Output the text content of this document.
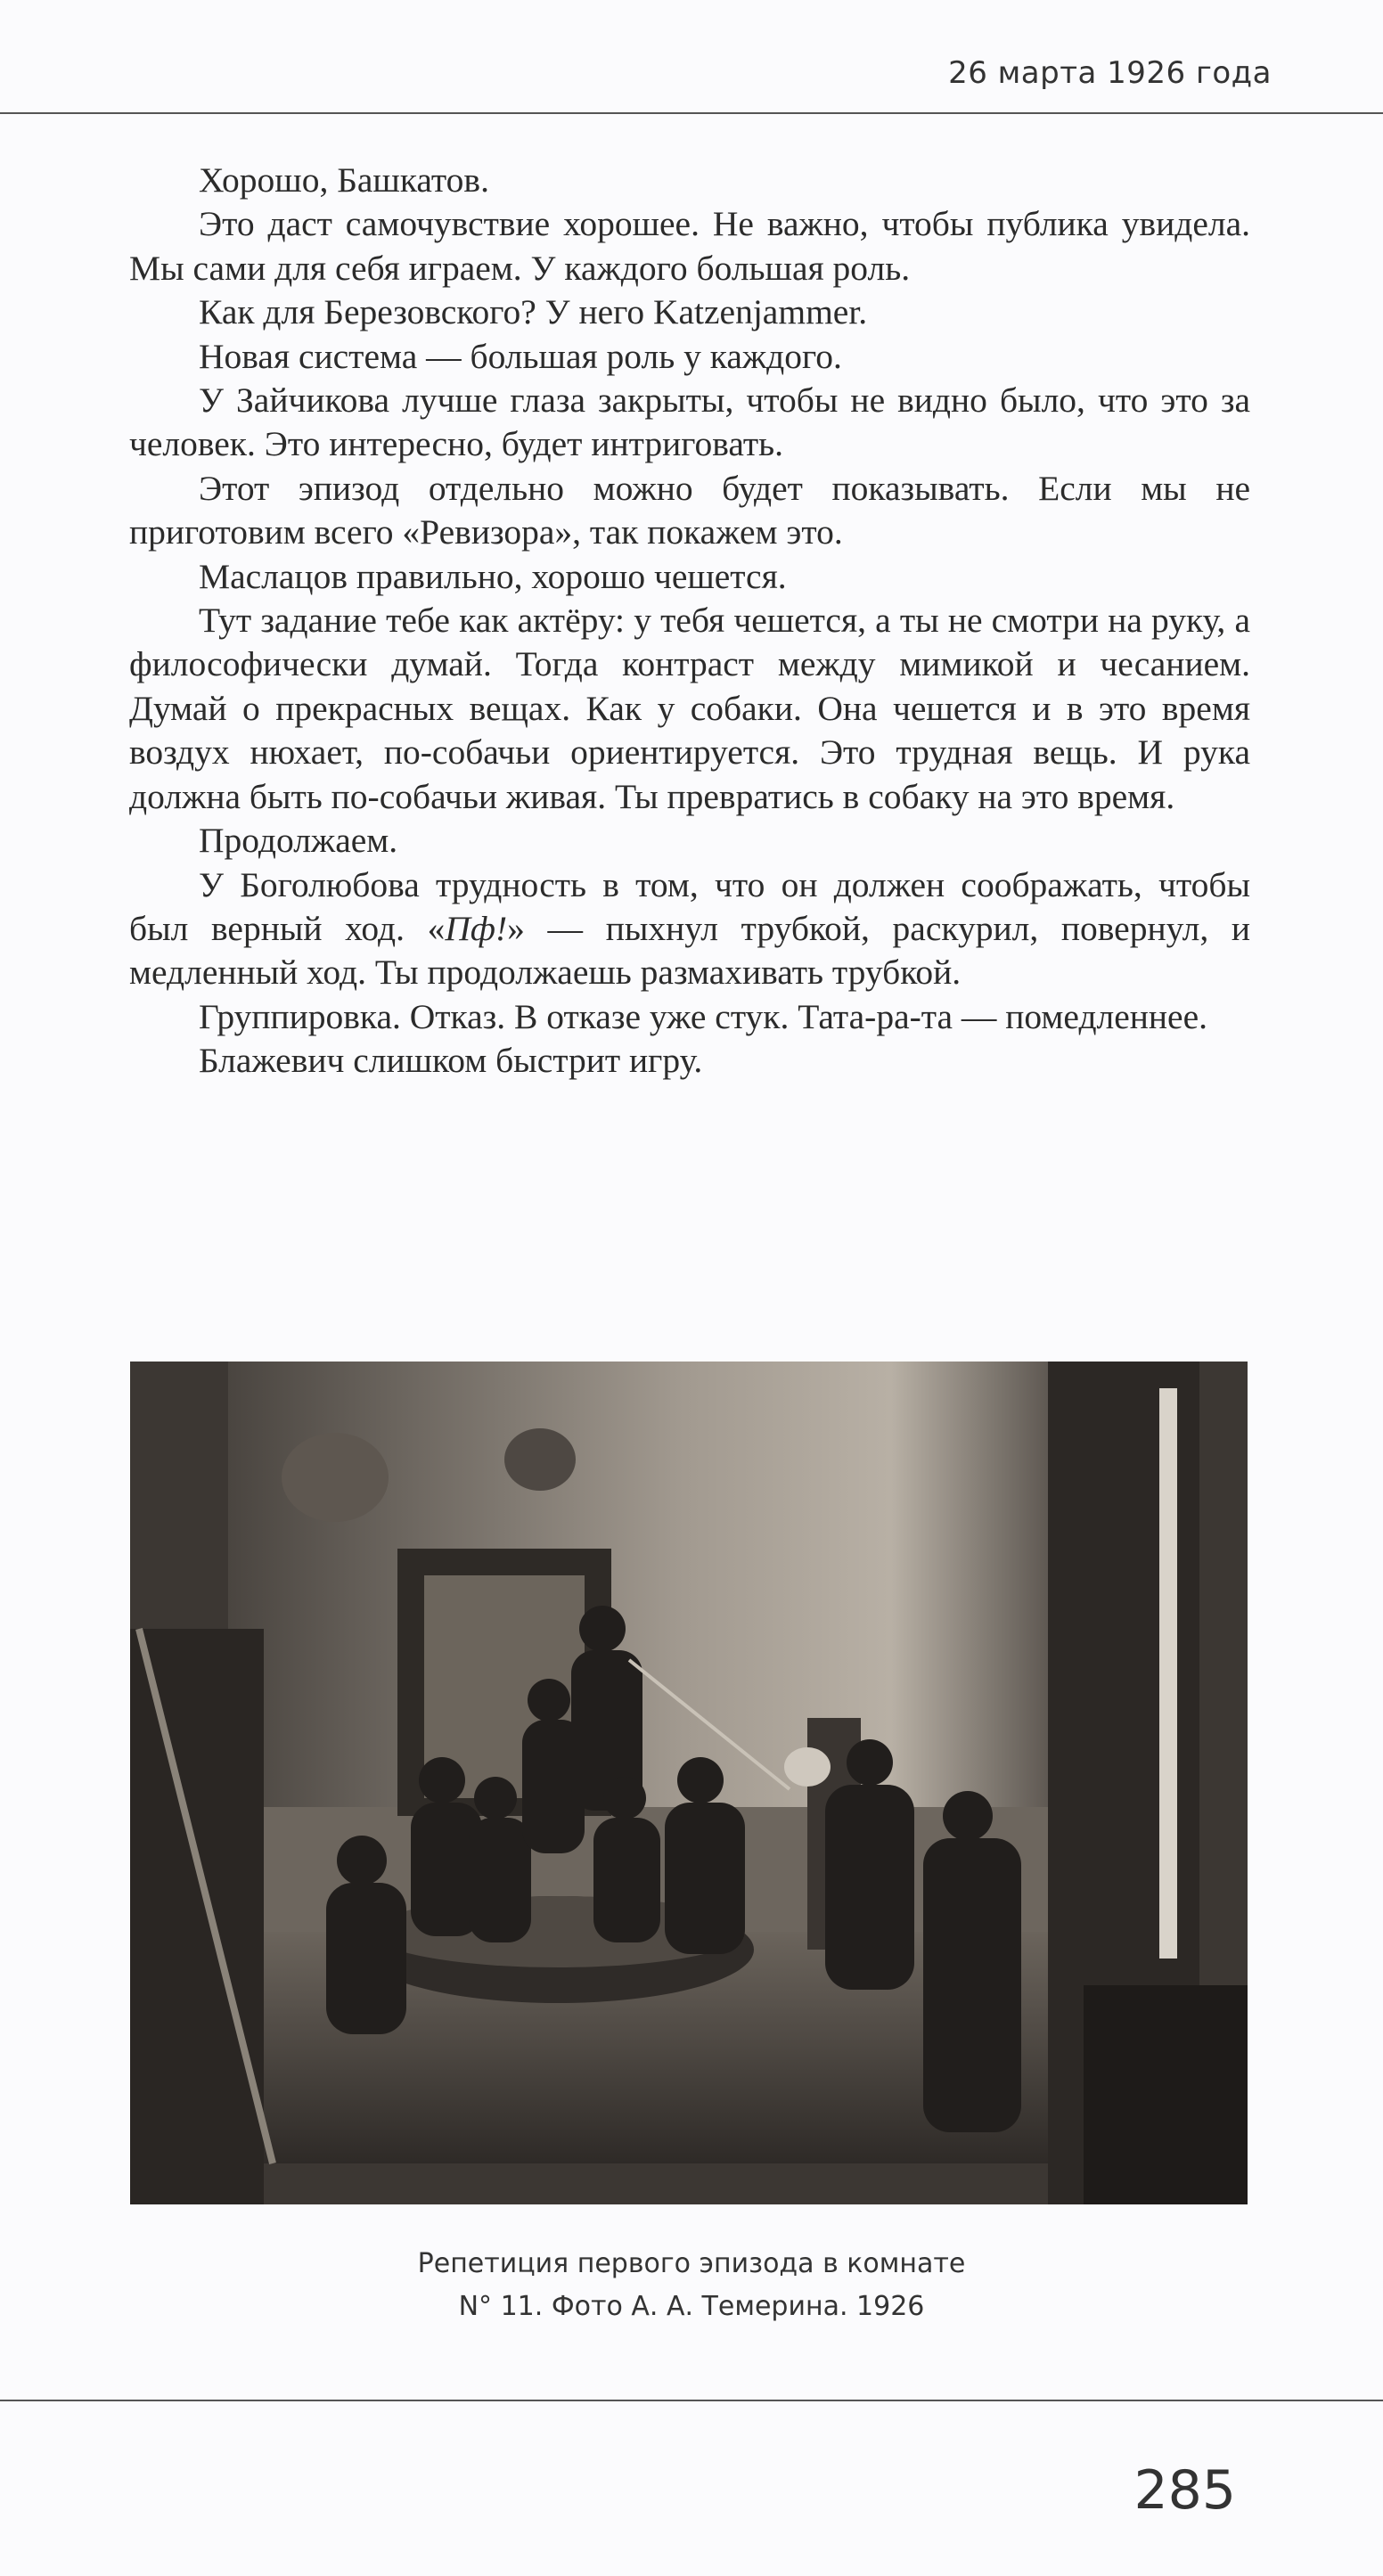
26 марта 1926 года

Хорошо, Башкатов.

Это даст самочувствие хорошее. Не важно, чтобы публика увидела. Мы сами для себя играем. У каждого большая роль.

Как для Березовского? У него Katzenjammer.

Новая система — большая роль у каждого.

У Зайчикова лучше глаза закрыты, чтобы не видно было, что это за человек. Это интересно, будет интриговать.

Этот эпизод отдельно можно будет показывать. Если мы не приготовим всего «Ревизора», так покажем это.

Маслацов правильно, хорошо чешется.

Тут задание тебе как актёру: у тебя чешется, а ты не смотри на руку, а философически думай. Тогда контраст между мимикой и чесанием. Думай о прекрасных вещах. Как у собаки. Она чешется и в это время воздух нюхает, по-собачьи ориентируется. Это трудная вещь. И рука должна быть по-собачьи живая. Ты превратись в собаку на это время.

Продолжаем.

У Боголюбова трудность в том, что он должен соображать, чтобы был верный ход. «Пф!» — пыхнул трубкой, раскурил, повернул, и медленный ход. Ты продолжаешь размахивать трубкой.

Группировка. Отказ. В отказе уже стук. Тата-ра-та — помедленнее.

Блажевич слишком быстрит игру.

Репетиция первого эпизода в комнате
N° 11. Фото А. А. Темерина. 1926
285
